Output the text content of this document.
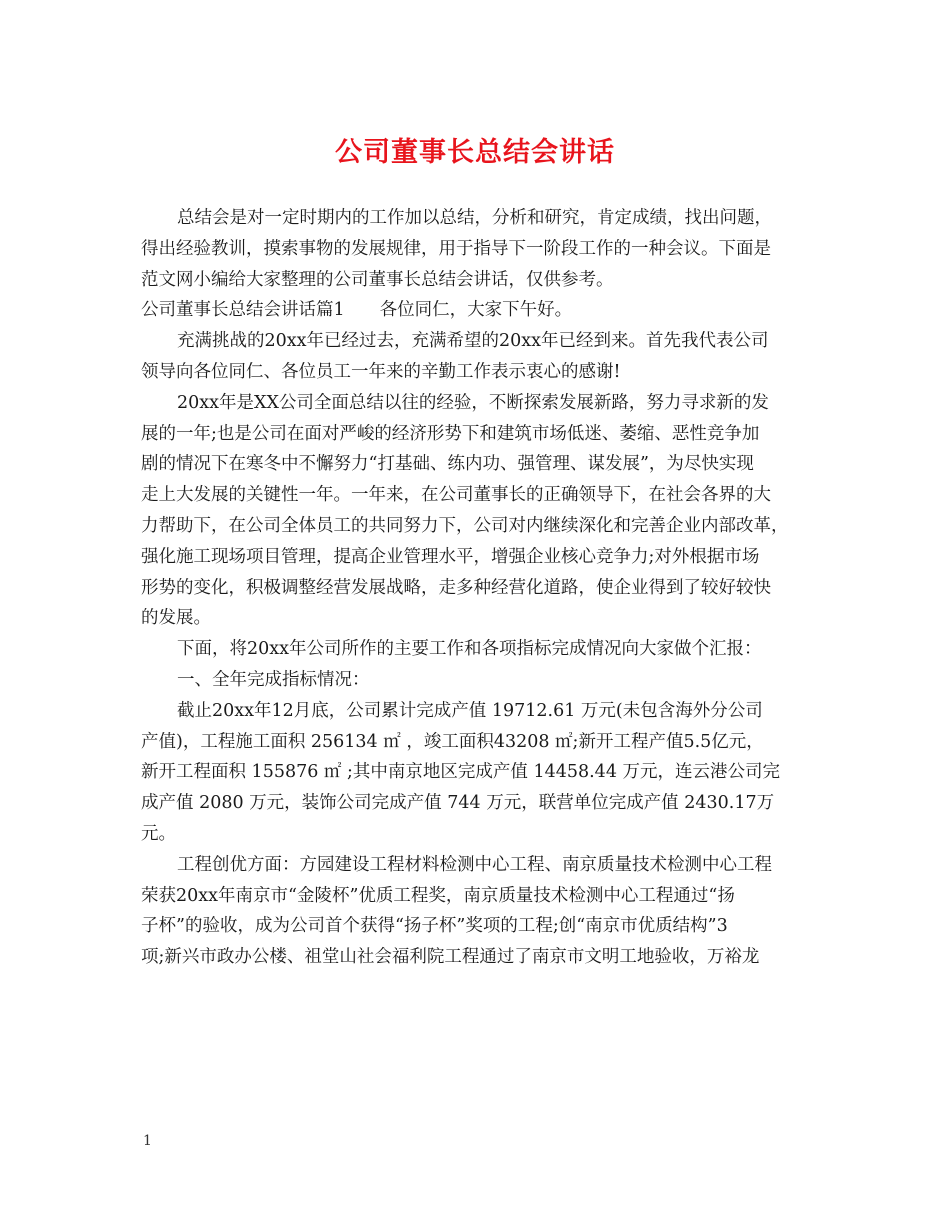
公司董事长总结会讲话
总结会是对一定时期内的工作加以总结，分析和研究，肯定成绩，找出问题，
得出经验教训，摸索事物的发展规律，用于指导下一阶段工作的一种会议。下面是
范文网小编给大家整理的公司董事长总结会讲话，仅供参考。
公司董事长总结会讲话篇1　　各位同仁，大家下午好。
充满挑战的20xx年已经过去，充满希望的20xx年已经到来。首先我代表公司
领导向各位同仁、各位员工一年来的辛勤工作表示衷心的感谢!
20xx年是XX公司全面总结以往的经验，不断探索发展新路，努力寻求新的发
展的一年;也是公司在面对严峻的经济形势下和建筑市场低迷、萎缩、恶性竞争加
剧的情况下在寒冬中不懈努力“打基础、练内功、强管理、谋发展”，为尽快实现
走上大发展的关键性一年。一年来，在公司董事长的正确领导下，在社会各界的大
力帮助下，在公司全体员工的共同努力下，公司对内继续深化和完善企业内部改革，
强化施工现场项目管理，提高企业管理水平，增强企业核心竞争力;对外根据市场
形势的变化，积极调整经营发展战略，走多种经营化道路，使企业得到了较好较快
的发展。
下面，将20xx年公司所作的主要工作和各项指标完成情况向大家做个汇报：
一、全年完成指标情况：
截止20xx年12月底，公司累计完成产值 19712.61 万元(未包含海外分公司
产值)，工程施工面积 256134 ㎡ ，竣工面积43208 ㎡;新开工程产值5.5亿元，
新开工程面积 155876 ㎡ ;其中南京地区完成产值 14458.44 万元，连云港公司完
成产值 2080 万元，装饰公司完成产值 744 万元，联营单位完成产值 2430.17万
元。
工程创优方面：方园建设工程材料检测中心工程、南京质量技术检测中心工程
荣获20xx年南京市“金陵杯”优质工程奖，南京质量技术检测中心工程通过“扬
子杯”的验收，成为公司首个获得“扬子杯”奖项的工程;创“南京市优质结构”3
项;新兴市政办公楼、祖堂山社会福利院工程通过了南京市文明工地验收，万裕龙
1
